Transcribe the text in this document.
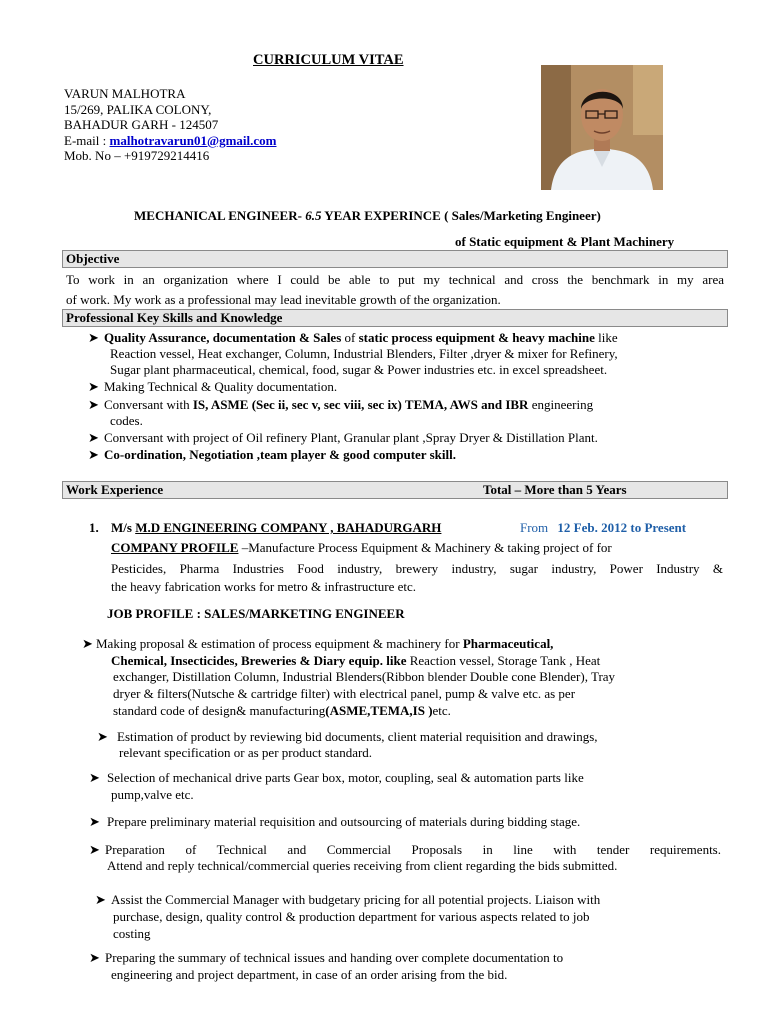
CURRICULUM VITAE
VARUN MALHOTRA
15/269, PALIKA COLONY,
BAHADUR GARH - 124507
E-mail : malhotravarun01@gmail.com
Mob. No – +919729214416
MECHANICAL ENGINEER- 6.5 YEAR EXPERINCE ( Sales/Marketing Engineer)
of Static equipment & Plant Machinery
Objective
To work in an organization where I could be able to put my technical and cross the benchmark in my area
of work. My work as a professional may lead inevitable growth of the organization.
Professional Key Skills and Knowledge
➤ Quality Assurance, documentation & Sales of static process equipment & heavy machine like
Reaction vessel, Heat exchanger, Column, Industrial Blenders, Filter ,dryer & mixer for Refinery,
Sugar plant pharmaceutical, chemical, food, sugar & Power industries etc. in excel spreadsheet.
➤ Making Technical & Quality documentation.
➤ Conversant with IS, ASME (Sec ii, sec v, sec viii, sec ix) TEMA, AWS and IBR engineering
codes.
➤ Conversant with project of Oil refinery Plant, Granular plant ,Spray Dryer & Distillation Plant.
➤ Co-ordination, Negotiation ,team player & good computer skill.
Work Experience	Total – More than 5 Years
1. M/s M.D ENGINEERING COMPANY , BAHADURGARH	From 12 Feb. 2012 to Present
COMPANY PROFILE –Manufacture Process Equipment & Machinery & taking project of for
Pesticides, Pharma Industries Food industry, brewery industry, sugar industry, Power Industry &
the heavy fabrication works for metro & infrastructure etc.
JOB PROFILE : SALES/MARKETING ENGINEER
➤ Making proposal & estimation of process equipment & machinery for Pharmaceutical,
Chemical, Insecticides, Breweries & Diary equip. like Reaction vessel, Storage Tank , Heat
exchanger, Distillation Column, Industrial Blenders(Ribbon blender Double cone Blender), Tray
dryer & filters(Nutsche & cartridge filter) with electrical panel, pump & valve etc. as per
standard code of design& manufacturing(ASME,TEMA,IS )etc.
➤ Estimation of product by reviewing bid documents, client material requisition and drawings,
relevant specification or as per product standard.
➤ Selection of mechanical drive parts Gear box, motor, coupling, seal & automation parts like
pump,valve etc.
➤ Prepare preliminary material requisition and outsourcing of materials during bidding stage.
➤ Preparation of Technical and Commercial Proposals in line with tender requirements.
Attend and reply technical/commercial queries receiving from client regarding the bids submitted.
➤ Assist the Commercial Manager with budgetary pricing for all potential projects. Liaison with
purchase, design, quality control & production department for various aspects related to job
costing
➤ Preparing the summary of technical issues and handing over complete documentation to
engineering and project department, in case of an order arising from the bid.
